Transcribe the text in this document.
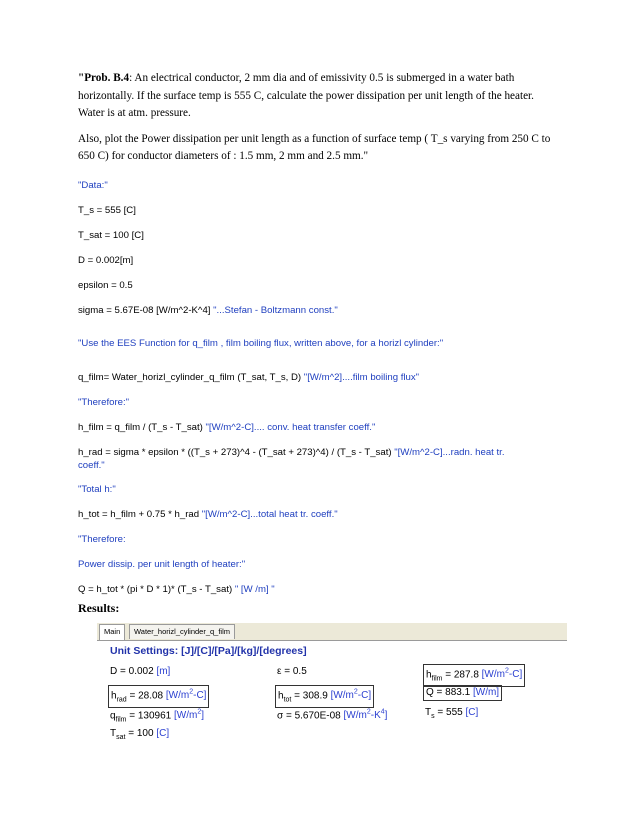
"Prob. B.4: An electrical conductor, 2 mm dia and of emissivity 0.5 is submerged in a water bath
horizontally. If the surface temp is 555 C, calculate the power dissipation per unit length of the heater.
Water is at atm. pressure.
Also, plot the Power dissipation per unit length as a function of surface temp ( T_s varying from 250 C to
650 C) for conductor diameters of : 1.5 mm, 2 mm and 2.5 mm."
"Data:"
T_s = 555 [C]
T_sat = 100 [C]
D = 0.002[m]
epsilon = 0.5
sigma = 5.67E-08 [W/m^2-K^4] "...Stefan - Boltzmann const."
"Use the EES Function for q_film , film boiling flux, written above, for a horizl cylinder:"
q_film= Water_horizl_cylinder_q_film (T_sat, T_s, D) "[W/m^2]....film boiling flux"
"Therefore:"
h_film = q_film / (T_s - T_sat) "[W/m^2-C].... conv. heat transfer coeff."
h_rad = sigma * epsilon * ((T_s + 273)^4 - (T_sat + 273)^4) / (T_s - T_sat) "[W/m^2-C]...radn. heat tr.
coeff."
"Total h:"
h_tot = h_film + 0.75 * h_rad "[W/m^2-C]...total heat tr. coeff."
"Therefore:
Power dissip. per unit length of heater:"
Q = h_tot * (pi * D * 1)* (T_s - T_sat) " [W /m] "
Results:
Main	Water_horizl_cylinder_q_film
Unit Settings: [J]/[C]/[Pa]/[kg]/[degrees]
D = 0.002 [m]	ε = 0.5	$h_{film} = 287.8$ $[W/m^2-C]$
$h_{rad} = 28.08$ $[W/m^2-C]$	$h_{tot} = 308.9$ $[W/m^2-C]$	Q = 883.1 [W/m]
$q_{film} = 130961$ $[W/m^2]$	σ = 5.670E-08 $[W/m^2-K^4]$	$T_s = 555$ [C]
$T_{sat} = 100$ [C]
